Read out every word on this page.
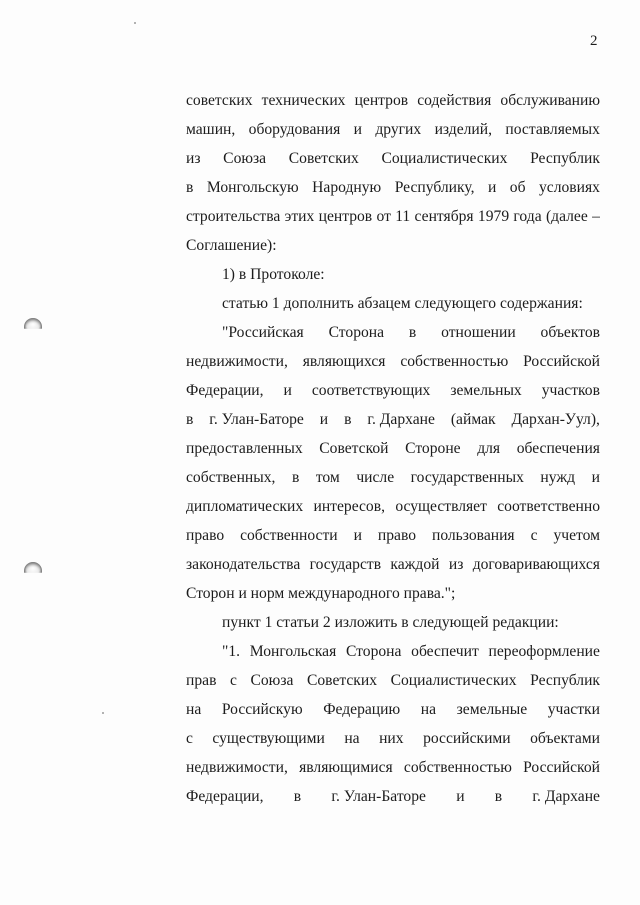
2
советских технических центров содействия обслуживанию
машин, оборудования и других изделий, поставляемых
из Союза Советских Социалистических Республик
в Монгольскую Народную Республику, и об условиях
строительства этих центров от 11 сентября 1979 года (далее –
Соглашение):
1) в Протоколе:
статью 1 дополнить абзацем следующего содержания:
"Российская Сторона в отношении объектов
недвижимости, являющихся собственностью Российской
Федерации, и соответствующих земельных участков
в г. Улан-Баторе и в г. Дархане (аймак Дархан-Уул),
предоставленных Советской Стороне для обеспечения
собственных, в том числе государственных нужд и
дипломатических интересов, осуществляет соответственно
право собственности и право пользования с учетом
законодательства государств каждой из договаривающихся
Сторон и норм международного права.";
пункт 1 статьи 2 изложить в следующей редакции:
"1. Монгольская Сторона обеспечит переоформление
прав с Союза Советских Социалистических Республик
на Российскую Федерацию на земельные участки
с существующими на них российскими объектами
недвижимости, являющимися собственностью Российской
Федерации, в г. Улан-Баторе и в г. Дархане
